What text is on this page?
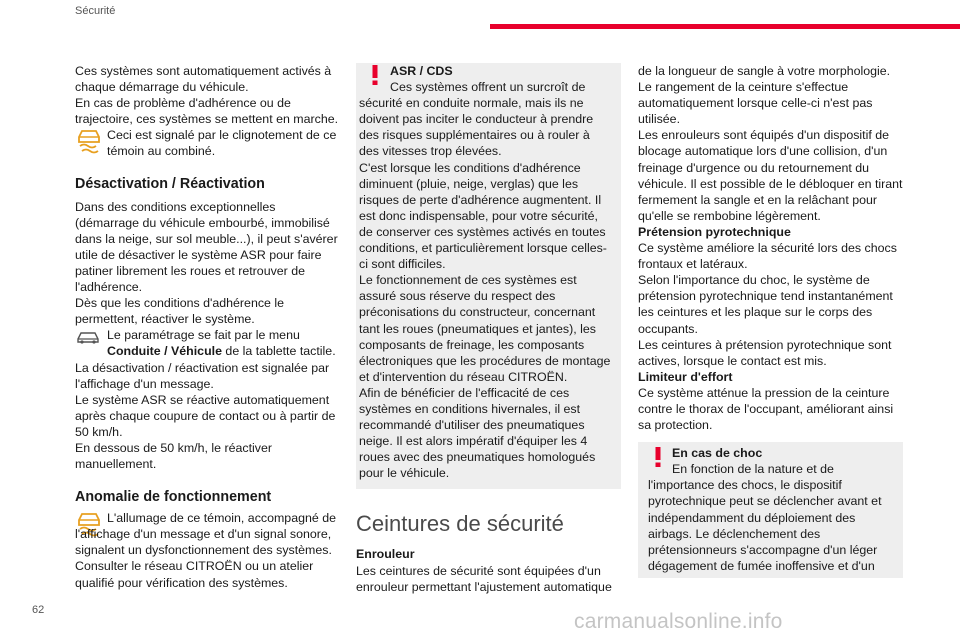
Sécurité

Ces systèmes sont automatiquement activés à chaque démarrage du véhicule.

En cas de problème d'adhérence ou de trajectoire, ces systèmes se mettent en marche.

Ceci est signalé par le clignotement de ce témoin au combiné.
Désactivation / Réactivation

Dans des conditions exceptionnelles (démarrage du véhicule embourbé, immobilisé dans la neige, sur sol meuble...), il peut s'avérer utile de désactiver le système ASR pour faire patiner librement les roues et retrouver de l'adhérence.

Dès que les conditions d'adhérence le permettent, réactiver le système.

Le paramétrage se fait par le menu Conduite / Véhicule de la tablette tactile.

La désactivation / réactivation est signalée par l'affichage d'un message.

Le système ASR se réactive automatiquement après chaque coupure de contact ou à partir de 50 km/h.

En dessous de 50 km/h, le réactiver manuellement.

Anomalie de fonctionnement
L'allumage de ce témoin, accompagné de l'affichage d'un message et d'un signal sonore, signalent un dysfonctionnement des systèmes.

Consulter le réseau CITROËN ou un atelier qualifié pour vérification des systèmes.

ASR / CDS

Ces systèmes offrent un surcroît de sécurité en conduite normale, mais ils ne doivent pas inciter le conducteur à prendre des risques supplémentaires ou à rouler à des vitesses trop élevées.

C'est lorsque les conditions d'adhérence diminuent (pluie, neige, verglas) que les risques de perte d'adhérence augmentent. Il est donc indispensable, pour votre sécurité, de conserver ces systèmes activés en toutes conditions, et particulièrement lorsque celles-ci sont difficiles.

Le fonctionnement de ces systèmes est assuré sous réserve du respect des préconisations du constructeur, concernant tant les roues (pneumatiques et jantes), les composants de freinage, les composants électroniques que les procédures de montage et d'intervention du réseau CITROËN.

Afin de bénéficier de l'efficacité de ces systèmes en conditions hivernales, il est recommandé d'utiliser des pneumatiques neige. Il est alors impératif d'équiper les 4 roues avec des pneumatiques homologués pour le véhicule.

Ceintures de sécurité

Enrouleur

Les ceintures de sécurité sont équipées d'un enrouleur permettant l'ajustement automatique

de la longueur de sangle à votre morphologie.

Le rangement de la ceinture s'effectue automatiquement lorsque celle-ci n'est pas utilisée.

Les enrouleurs sont équipés d'un dispositif de blocage automatique lors d'une collision, d'un freinage d'urgence ou du retournement du véhicule. Il est possible de le débloquer en tirant fermement la sangle et en la relâchant pour qu'elle se rembobine légèrement.

Prétension pyrotechnique

Ce système améliore la sécurité lors des chocs frontaux et latéraux.

Selon l'importance du choc, le système de prétension pyrotechnique tend instantanément les ceintures et les plaque sur le corps des occupants.

Les ceintures à prétension pyrotechnique sont actives, lorsque le contact est mis.

Limiteur d'effort

Ce système atténue la pression de la ceinture contre le thorax de l'occupant, améliorant ainsi sa protection.

En cas de choc

En fonction de la nature et de l'importance des chocs, le dispositif pyrotechnique peut se déclencher avant et indépendamment du déploiement des airbags. Le déclenchement des prétensionneurs s'accompagne d'un léger dégagement de fumée inoffensive et d'un

62	carmanualsonline.info
